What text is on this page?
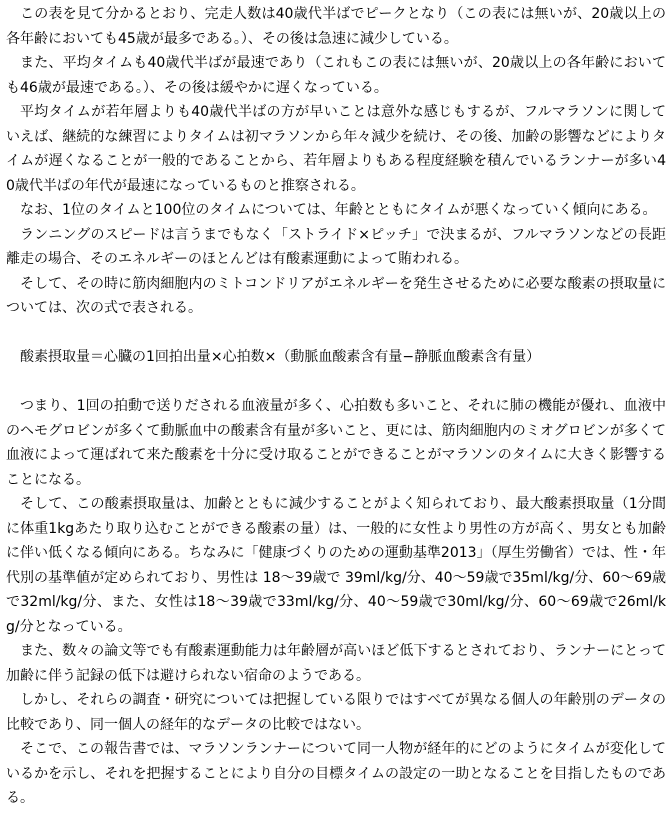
この表を見て分かるとおり、完走人数は40歳代半ばでピークとなり（この表には無いが、20歳以上の各年齢においても45歳が最多である。）、その後は急速に減少している。

また、平均タイムも40歳代半ばが最速であり（これもこの表には無いが、20歳以上の各年齢においても46歳が最速である。）、その後は緩やかに遅くなっている。

平均タイムが若年層よりも40歳代半ばの方が早いことは意外な感じもするが、フルマラソンに関していえば、継続的な練習によりタイムは初マラソンから年々減少を続け、その後、加齢の影響などによりタイムが遅くなることが一般的であることから、若年層よりもある程度経験を積んでいるランナーが多い40歳代半ばの年代が最速になっているものと推察される。

なお、1位のタイムと100位のタイムについては、年齢とともにタイムが悪くなっていく傾向にある。

ランニングのスピードは言うまでもなく「ストライド×ピッチ」で決まるが、フルマラソンなどの長距離走の場合、そのエネルギーのほとんどは有酸素運動によって賄われる。

そして、その時に筋肉細胞内のミトコンドリアがエネルギーを発生させるために必要な酸素の摂取量については、次の式で表される。

酸素摂取量＝心臓の1回拍出量×心拍数×（動脈血酸素含有量−静脈血酸素含有量）

つまり、1回の拍動で送りだされる血液量が多く、心拍数も多いこと、それに肺の機能が優れ、血液中のヘモグロビンが多くて動脈血中の酸素含有量が多いこと、更には、筋肉細胞内のミオグロビンが多くて血液によって運ばれて来た酸素を十分に受け取ることができることがマラソンのタイムに大きく影響することになる。

そして、この酸素摂取量は、加齢とともに減少することがよく知られており、最大酸素摂取量（1分間に体重1kgあたり取り込むことができる酸素の量）は、一般的に女性より男性の方が高く、男女とも加齢に伴い低くなる傾向にある。ちなみに「健康づくりのための運動基準2013」（厚生労働省）では、性・年代別の基準値が定められており、男性は 18～39歳で 39ml/kg/分、40～59歳で35ml/kg/分、60～69歳で32ml/kg/分、また、女性は18～39歳で33ml/kg/分、40～59歳で30ml/kg/分、60～69歳で26ml/kg/分となっている。

また、数々の論文等でも有酸素運動能力は年齢層が高いほど低下するとされており、ランナーにとって加齢に伴う記録の低下は避けられない宿命のようである。

しかし、それらの調査・研究については把握している限りではすべてが異なる個人の年齢別のデータの比較であり、同一個人の経年的なデータの比較ではない。

そこで、この報告書では、マラソンランナーについて同一人物が経年的にどのようにタイムが変化しているかを示し、それを把握することにより自分の目標タイムの設定の一助となることを目指したものである。
